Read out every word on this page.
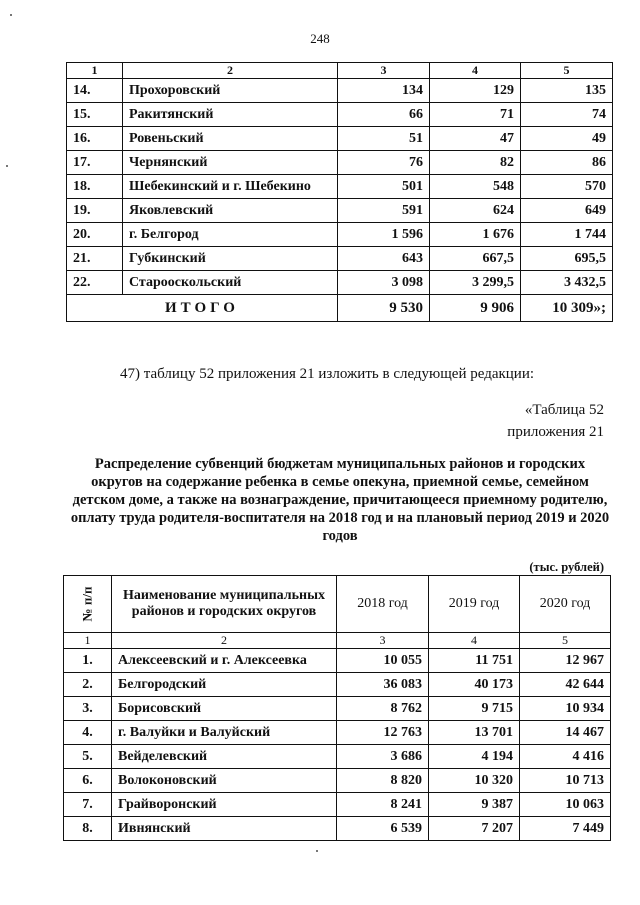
248
1	2	3	4	5
14.	Прохоровский	134	129	135
15.	Ракитянский	66	71	74
16.	Ровеньский	51	47	49
17.	Чернянский	76	82	86
18.	Шебекинский и г. Шебекино	501	548	570
19.	Яковлевский	591	624	649
20.	г. Белгород	1 596	1 676	1 744
21.	Губкинский	643	667,5	695,5
22.	Старооскольский	3 098	3 299,5	3 432,5
ИТОГО		9 530	9 906	10 309»;
47) таблицу 52 приложения 21 изложить в следующей редакции:
«Таблица 52
приложения 21
Распределение субвенций бюджетам муниципальных районов и городских округов на содержание ребенка в семье опекуна, приемной семье, семейном детском доме, а также на вознаграждение, причитающееся приемному родителю, оплату труда родителя-воспитателя на 2018 год и на плановый период 2019 и 2020 годов
(тыс. рублей)
№ п/п	Наименование муниципальных районов и городских округов	2018 год	2019 год	2020 год
1	2	3	4	5
1.	Алексеевский и г. Алексеевка	10 055	11 751	12 967
2.	Белгородский	36 083	40 173	42 644
3.	Борисовский	8 762	9 715	10 934
4.	г. Валуйки и Валуйский	12 763	13 701	14 467
5.	Вейделевский	3 686	4 194	4 416
6.	Волоконовский	8 820	10 320	10 713
7.	Грайворонский	8 241	9 387	10 063
8.	Ивнянский	6 539	7 207	7 449
